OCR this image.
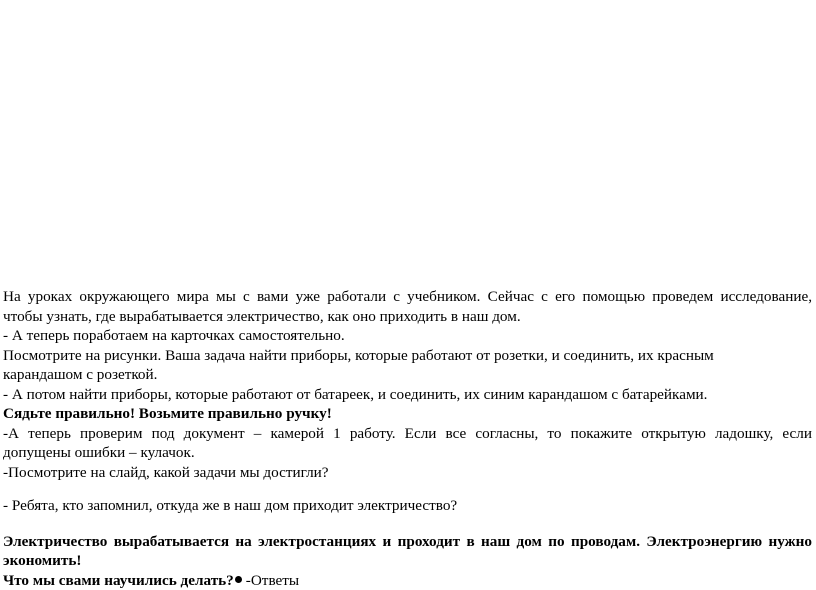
На уроках окружающего мира мы с вами уже работали с учебником. Сейчас с его помощью проведем исследование,
чтобы узнать, где вырабатывается электричество, как оно приходить в наш дом.
- А теперь поработаем на карточках самостоятельно.
Посмотрите на рисунки. Ваша задача найти приборы, которые работают от розетки, и соединить, их красным
карандашом с розеткой.
- А потом найти приборы, которые работают от батареек, и соединить, их синим карандашом с батарейками.
Сядьте правильно! Возьмите правильно ручку!
-А теперь проверим под документ – камерой 1 работу. Если все согласны, то покажите открытую ладошку, если
допущены ошибки – кулачок.
-Посмотрите на слайд, какой задачи мы достигли?
- Ребята, кто запомнил, откуда же в наш дом приходит электричество?
Электричество вырабатывается на электростанциях и проходит в наш дом по проводам. Электроэнергию нужно
экономить!
Что мы свами научились делать? -Ответы
